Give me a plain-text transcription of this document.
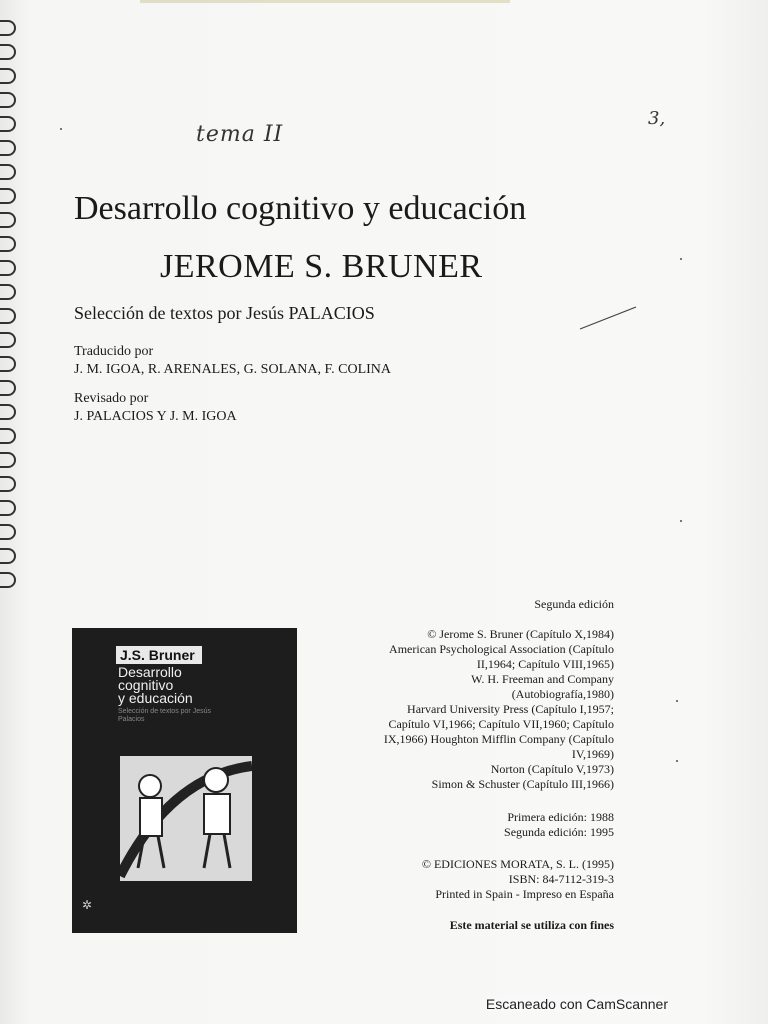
tema II
3,
Desarrollo cognitivo y educación
JEROME S. BRUNER
Selección de textos por Jesús PALACIOS
Traducido por
J. M. IGOA, R. ARENALES, G. SOLANA, F. COLINA
Revisado por
J. PALACIOS Y J. M. IGOA
J.S. Bruner
Desarrollo
cognitivo
y educación
Selección de textos por Jesús Palacios
✲
Segunda edición
© Jerome S. Bruner (Capítulo X,1984)
American Psychological Association (Capítulo
II,1964; Capítulo VIII,1965)
W. H. Freeman and Company
(Autobiografía,1980)
Harvard University Press (Capítulo I,1957;
Capítulo VI,1966; Capítulo VII,1960; Capítulo
IX,1966) Houghton Mifflin Company (Capítulo
IV,1969)
Norton (Capítulo V,1973)
Simon & Schuster (Capítulo III,1966)
Primera edición: 1988
Segunda edición: 1995
© EDICIONES MORATA, S. L. (1995)
ISBN: 84-7112-319-3
Printed in Spain - Impreso en España
Este material se utiliza con fines
Escaneado con CamScanner
